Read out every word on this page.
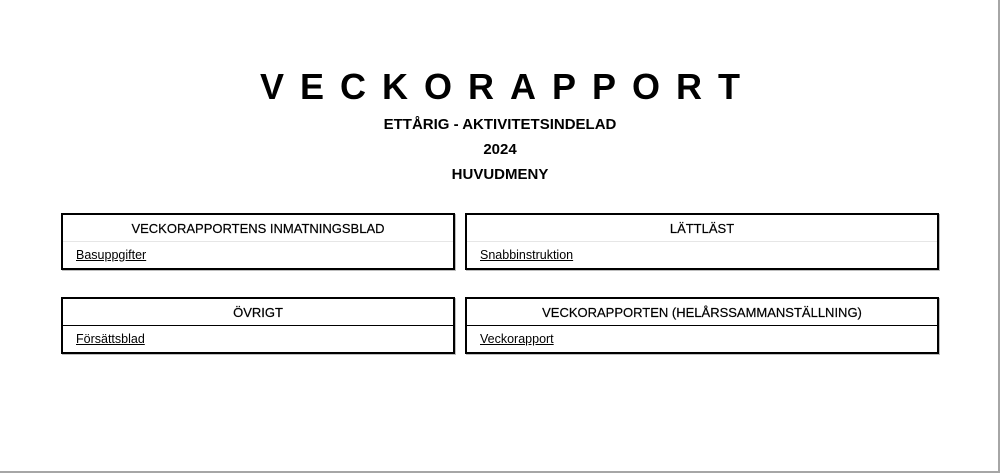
VECKORAPPORT
ETTÅRIG - AKTIVITETSINDELAD
2024
HUVUDMENY
VECKORAPPORTENS INMATNINGSBLAD
Basuppgifter
LÄTTLÄST
Snabbinstruktion
ÖVRIGT
Försättsblad
VECKORAPPORTEN (HELÅRSSAMMANSTÄLLNING)
Veckorapport
